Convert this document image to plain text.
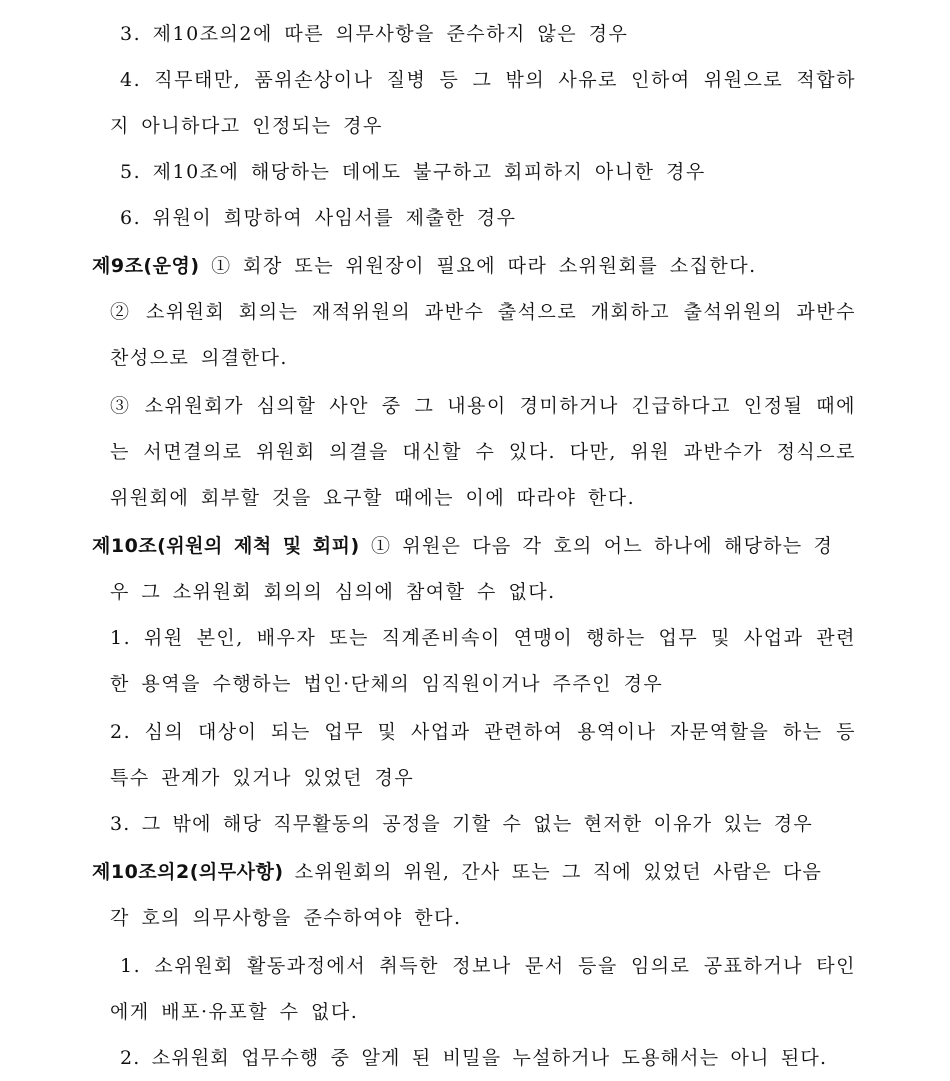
3. 제10조의2에 따른 의무사항을 준수하지 않은 경우
4. 직무태만, 품위손상이나 질병 등 그 밖의 사유로 인하여 위원으로 적합하
지 아니하다고 인정되는 경우
5. 제10조에 해당하는 데에도 불구하고 회피하지 아니한 경우
6. 위원이 희망하여 사임서를 제출한 경우
제9조(운영) ① 회장 또는 위원장이 필요에 따라 소위원회를 소집한다.
② 소위원회 회의는 재적위원의 과반수 출석으로 개회하고 출석위원의 과반수
찬성으로 의결한다.
③ 소위원회가 심의할 사안 중 그 내용이 경미하거나 긴급하다고 인정될 때에
는 서면결의로 위원회 의결을 대신할 수 있다. 다만, 위원 과반수가 정식으로
위원회에 회부할 것을 요구할 때에는 이에 따라야 한다.
제10조(위원의 제척 및 회피) ① 위원은 다음 각 호의 어느 하나에 해당하는 경
우 그 소위원회 회의의 심의에 참여할 수 없다.
1. 위원 본인, 배우자 또는 직계존비속이 연맹이 행하는 업무 및 사업과 관련
한 용역을 수행하는 법인·단체의 임직원이거나 주주인 경우
2. 심의 대상이 되는 업무 및 사업과 관련하여 용역이나 자문역할을 하는 등
특수 관계가 있거나 있었던 경우
3. 그 밖에 해당 직무활동의 공정을 기할 수 없는 현저한 이유가 있는 경우
제10조의2(의무사항) 소위원회의 위원, 간사 또는 그 직에 있었던 사람은 다음
각 호의 의무사항을 준수하여야 한다.
1. 소위원회 활동과정에서 취득한 정보나 문서 등을 임의로 공표하거나 타인
에게 배포·유포할 수 없다.
2. 소위원회 업무수행 중 알게 된 비밀을 누설하거나 도용해서는 아니 된다.
